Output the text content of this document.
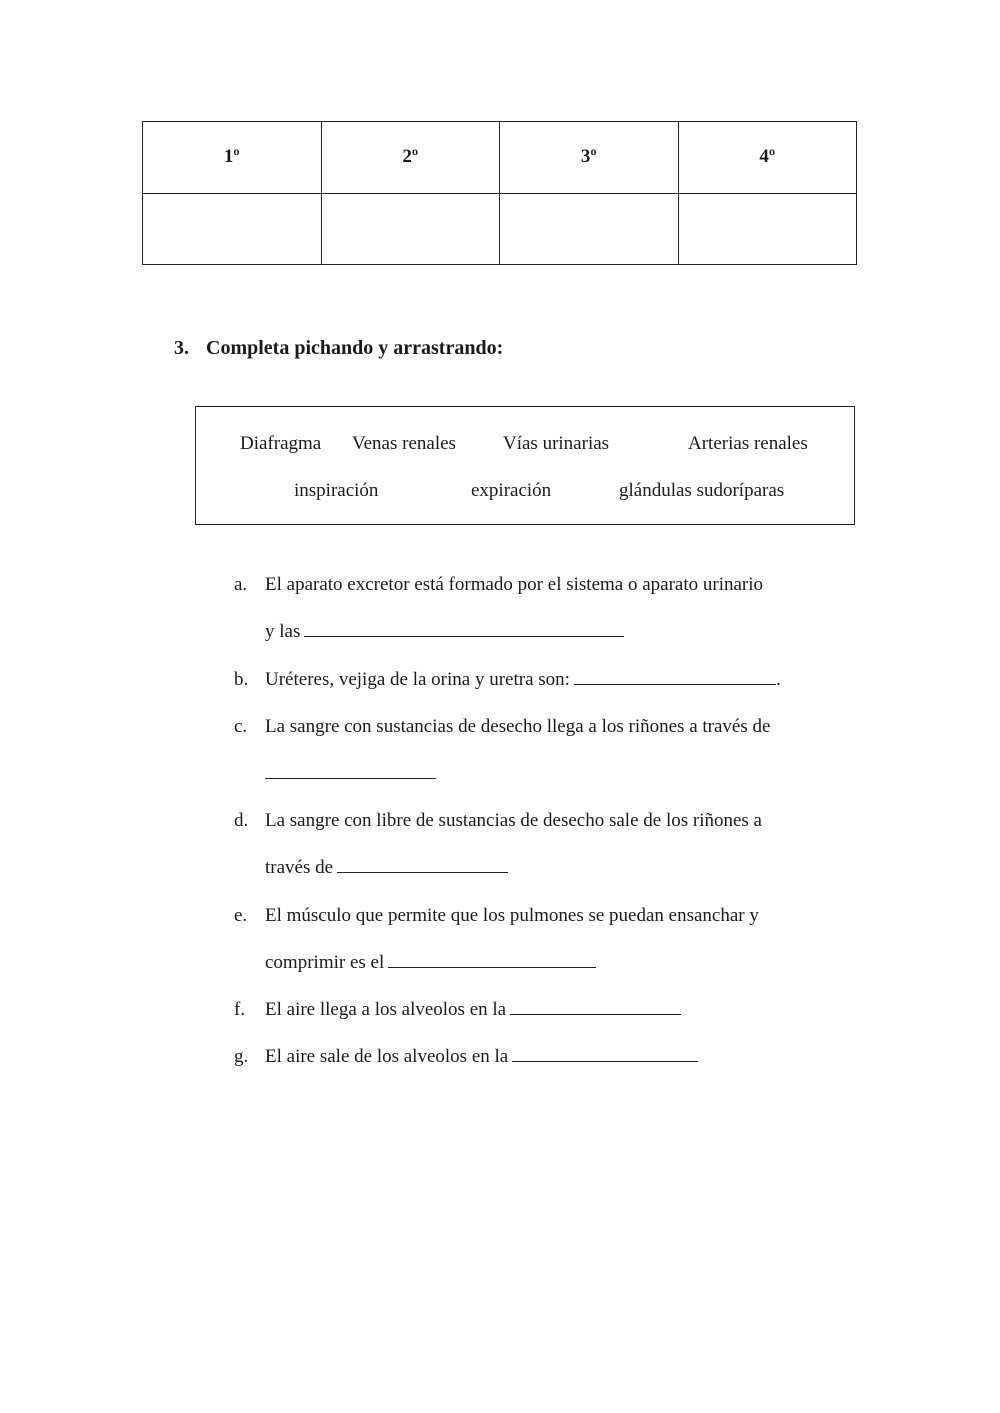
1º	2º	3º	4º

3. Completa pichando y arrastrando:
Diafragma Venas renales Vías urinarias	Arterias renales
inspiración	expiración	glándulas sudoríparas
a. El aparato excretor está formado por el sistema o aparato urinario
y las
b. Uréteres, vejiga de la orina y uretra son:	.
c. La sangre con sustancias de desecho llega a los riñones a través de
d. La sangre con libre de sustancias de desecho sale de los riñones a
través de
e. El músculo que permite que los pulmones se puedan ensanchar y
comprimir es el
f. El aire llega a los alveolos en la
g. El aire sale de los alveolos en la
